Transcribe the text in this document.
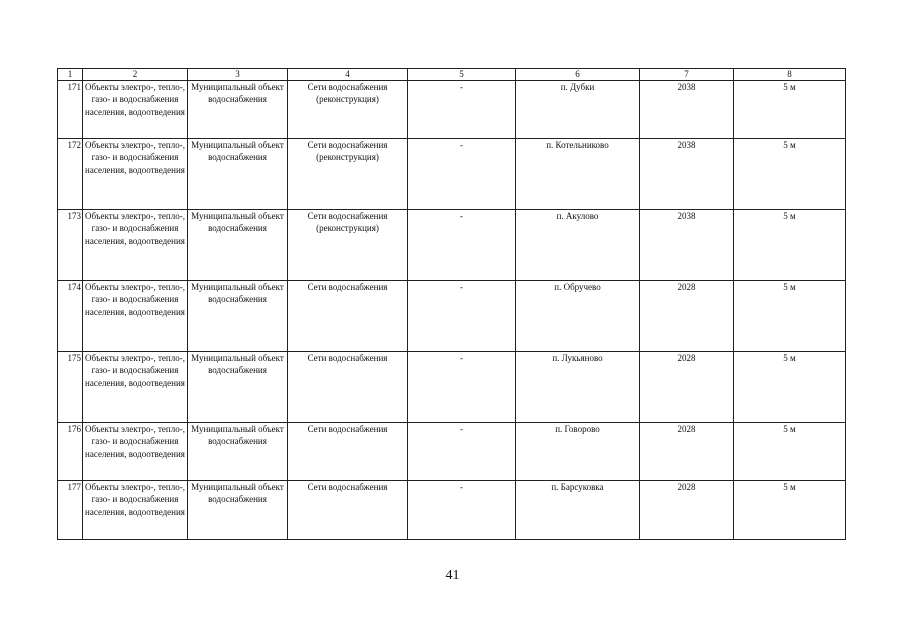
1	2	3	4	5	6	7	8
171	Объекты электро-, тепло-, газо- и водоснабжения населения, водоотведения	Муниципальный объект водоснабжения	Сети водоснабжения (реконструкция)	-	п. Дубки	2038	5 м
172	Объекты электро-, тепло-, газо- и водоснабжения населения, водоотведения	Муниципальный объект водоснабжения	Сети водоснабжения (реконструкция)	-	п. Котельниково	2038	5 м
173	Объекты электро-, тепло-, газо- и водоснабжения населения, водоотведения	Муниципальный объект водоснабжения	Сети водоснабжения (реконструкция)	-	п. Акулово	2038	5 м
174	Объекты электро-, тепло-, газо- и водоснабжения населения, водоотведения	Муниципальный объект водоснабжения	Сети водоснабжения	-	п. Обручево	2028	5 м
175	Объекты электро-, тепло-, газо- и водоснабжения населения, водоотведения	Муниципальный объект водоснабжения	Сети водоснабжения	-	п. Лукьяново	2028	5 м
176	Объекты электро-, тепло-, газо- и водоснабжения населения, водоотведения	Муниципальный объект водоснабжения	Сети водоснабжения	-	п. Говорово	2028	5 м
177	Объекты электро-, тепло-, газо- и водоснабжения населения, водоотведения	Муниципальный объект водоснабжения	Сети водоснабжения	-	п. Барсуковка	2028	5 м
41
